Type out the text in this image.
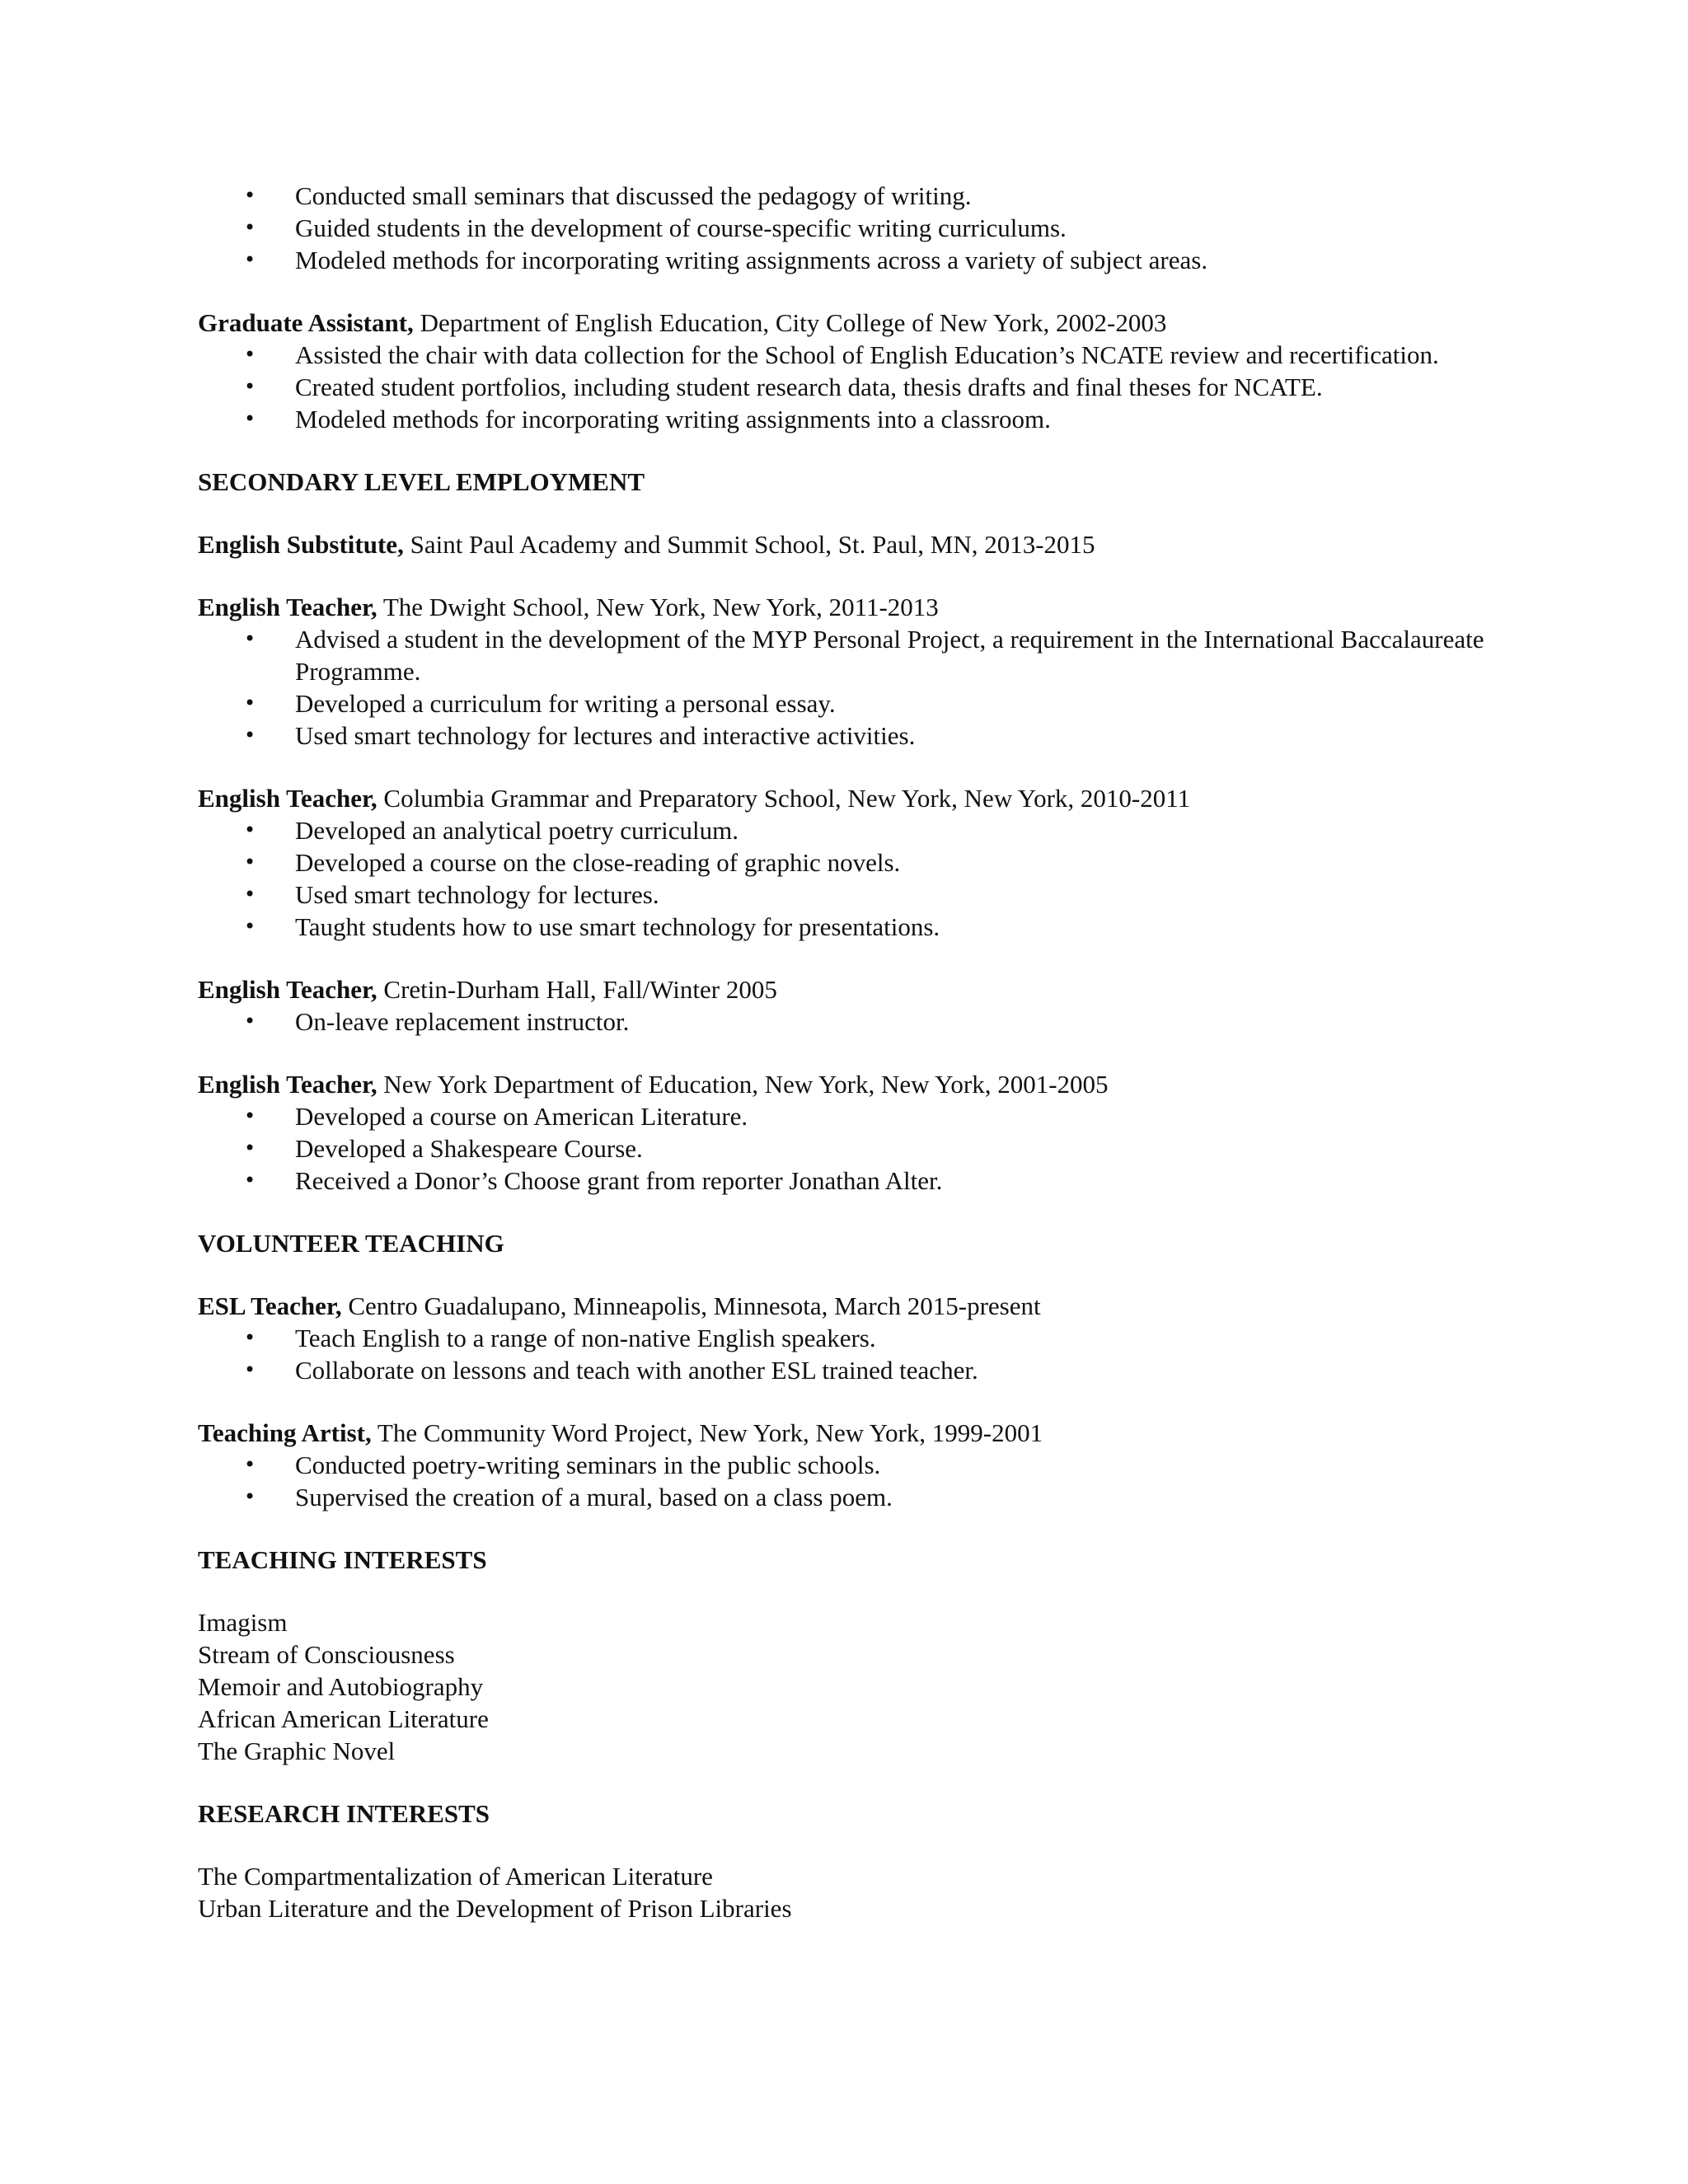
• Conducted small seminars that discussed the pedagogy of writing.
• Guided students in the development of course-specific writing curriculums.
• Modeled methods for incorporating writing assignments across a variety of subject areas.

Graduate Assistant, Department of English Education, City College of New York, 2002-2003

• Assisted the chair with data collection for the School of English Education’s NCATE review and recertification.
• Created student portfolios, including student research data, thesis drafts and final theses for NCATE.
• Modeled methods for incorporating writing assignments into a classroom.

SECONDARY LEVEL EMPLOYMENT

English Substitute, Saint Paul Academy and Summit School, St. Paul, MN, 2013-2015

English Teacher, The Dwight School, New York, New York, 2011-2013

• Advised a student in the development of the MYP Personal Project, a requirement in the International Baccalaureate Programme.
• Developed a curriculum for writing a personal essay.
• Used smart technology for lectures and interactive activities.

English Teacher, Columbia Grammar and Preparatory School, New York, New York, 2010-2011

• Developed an analytical poetry curriculum.
• Developed a course on the close-reading of graphic novels.
• Used smart technology for lectures.
• Taught students how to use smart technology for presentations.

English Teacher, Cretin-Durham Hall, Fall/Winter 2005

• On-leave replacement instructor.

English Teacher, New York Department of Education, New York, New York, 2001-2005

• Developed a course on American Literature.
• Developed a Shakespeare Course.
• Received a Donor’s Choose grant from reporter Jonathan Alter.

VOLUNTEER TEACHING

ESL Teacher, Centro Guadalupano, Minneapolis, Minnesota, March 2015-present

• Teach English to a range of non-native English speakers.
• Collaborate on lessons and teach with another ESL trained teacher.

Teaching Artist, The Community Word Project, New York, New York, 1999-2001

• Conducted poetry-writing seminars in the public schools.
• Supervised the creation of a mural, based on a class poem.

TEACHING INTERESTS

Imagism

Stream of Consciousness

Memoir and Autobiography

African American Literature

The Graphic Novel

RESEARCH INTERESTS

The Compartmentalization of American Literature

Urban Literature and the Development of Prison Libraries
